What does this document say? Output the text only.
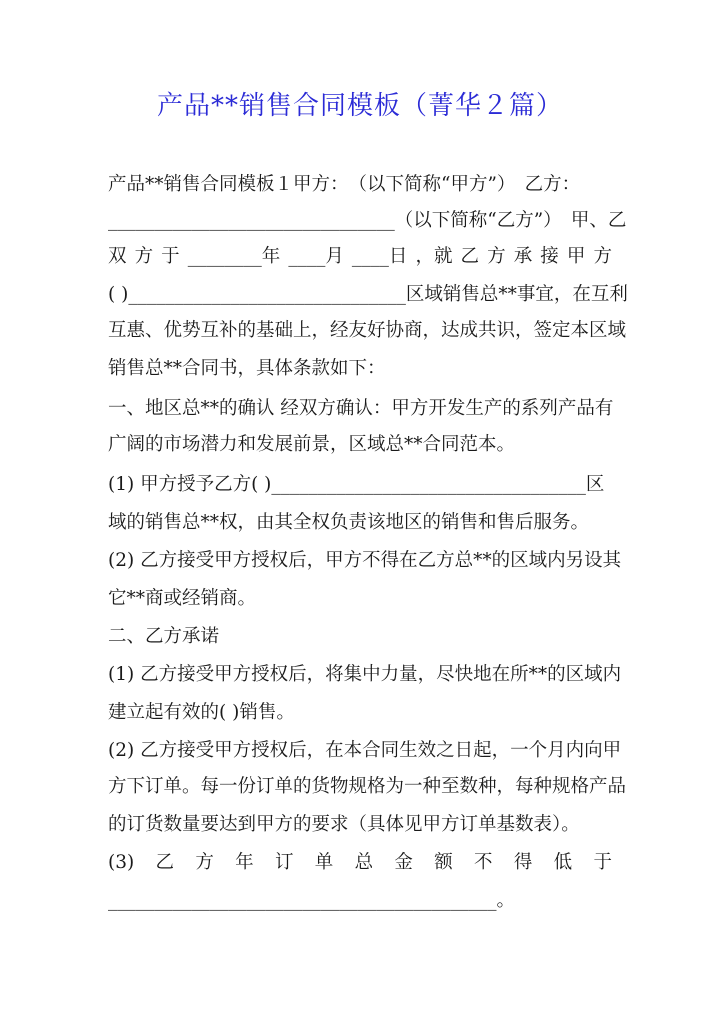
产品**销售合同模板（菁华２篇）
产品**销售合同模板１甲方：　（以下简称“甲方”）　乙方：
_______________________________（以下简称“乙方”）　甲、乙
双 方 于 ________年 ____月 ____日 ，就 乙 方 承 接 甲 方
( )______________________________区域销售总**事宜，在互利
互惠、优势互补的基础上，经友好协商，达成共识，签定本区域
销售总**合同书，具体条款如下：
一、地区总**的确认 经双方确认：甲方开发生产的系列产品有
广阔的市场潜力和发展前景，区域总**合同范本。
(1) 甲方授予乙方( )__________________________________区
域的销售总**权，由其全权负责该地区的销售和售后服务。
(2) 乙方接受甲方授权后，甲方不得在乙方总**的区域内另设其
它**商或经销商。
二、乙方承诺
(1) 乙方接受甲方授权后，将集中力量，尽快地在所**的区域内
建立起有效的( )销售。
(2) 乙方接受甲方授权后，在本合同生效之日起，一个月内向甲
方下订单。每一份订单的货物规格为一种至数种，每种规格产品
的订货数量要达到甲方的要求（具体见甲方订单基数表）。
(3) 乙 方 年 订 单 总 金 额 不 得 低 于
__________________________________________。
